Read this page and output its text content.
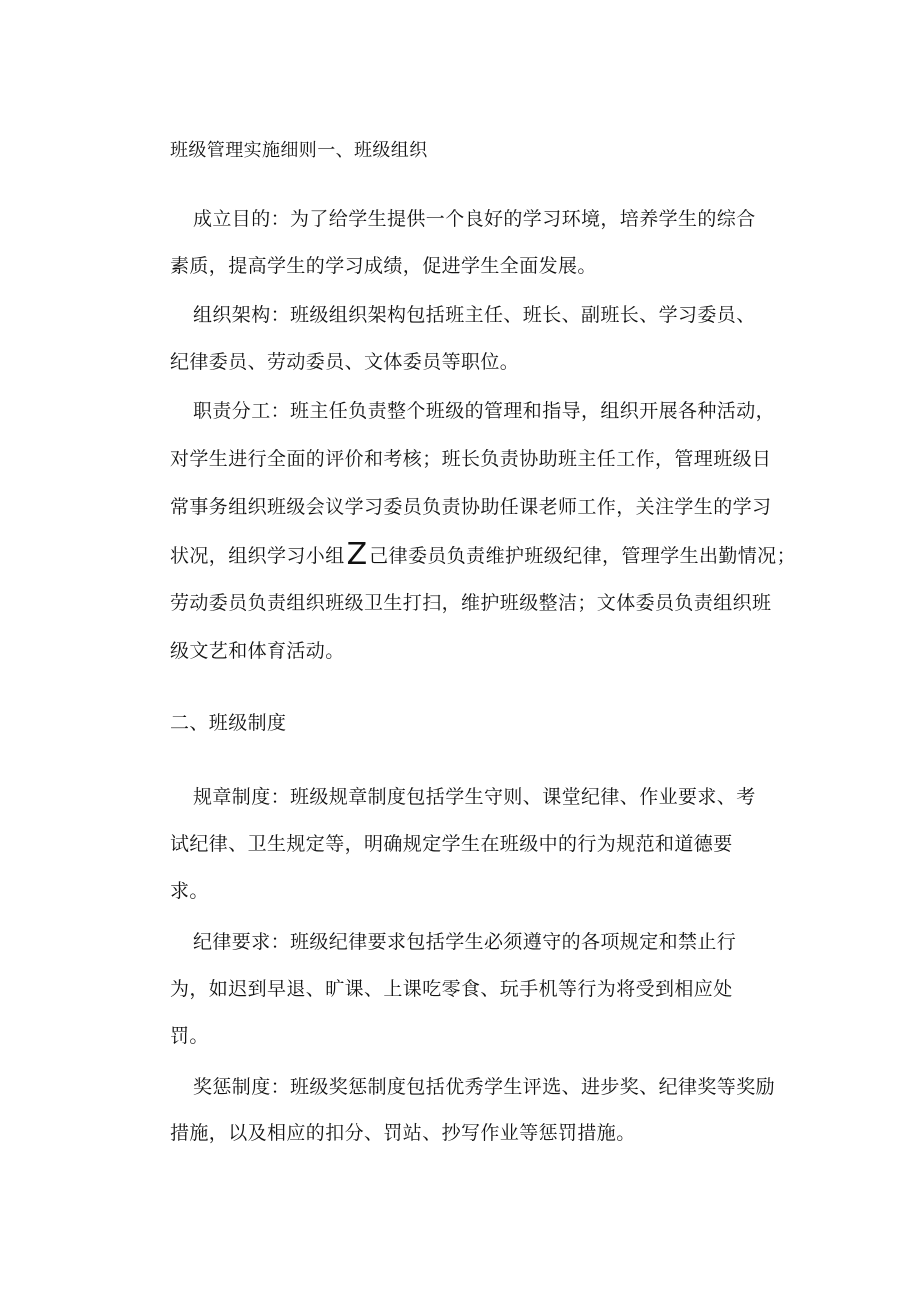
班级管理实施细则一、班级组织
成立目的：为了给学生提供一个良好的学习环境，培养学生的综合
素质，提高学生的学习成绩，促进学生全面发展。
组织架构：班级组织架构包括班主任、班长、副班长、学习委员、
纪律委员、劳动委员、文体委员等职位。
职责分工：班主任负责整个班级的管理和指导，组织开展各种活动，
对学生进行全面的评价和考核；班长负责协助班主任工作，管理班级日
常事务组织班级会议学习委员负责协助任课老师工作，关注学生的学习
状况，组织学习小组Z 己律委员负责维护班级纪律，管理学生出勤情况；
劳动委员负责组织班级卫生打扫，维护班级整洁；文体委员负责组织班
级文艺和体育活动。
二、班级制度
规章制度：班级规章制度包括学生守则、课堂纪律、作业要求、考
试纪律、卫生规定等，明确规定学生在班级中的行为规范和道德要
求。
纪律要求：班级纪律要求包括学生必须遵守的各项规定和禁止行
为，如迟到早退、旷课、上课吃零食、玩手机等行为将受到相应处
罚。
奖惩制度：班级奖惩制度包括优秀学生评选、进步奖、纪律奖等奖励
措施，以及相应的扣分、罚站、抄写作业等惩罚措施。
